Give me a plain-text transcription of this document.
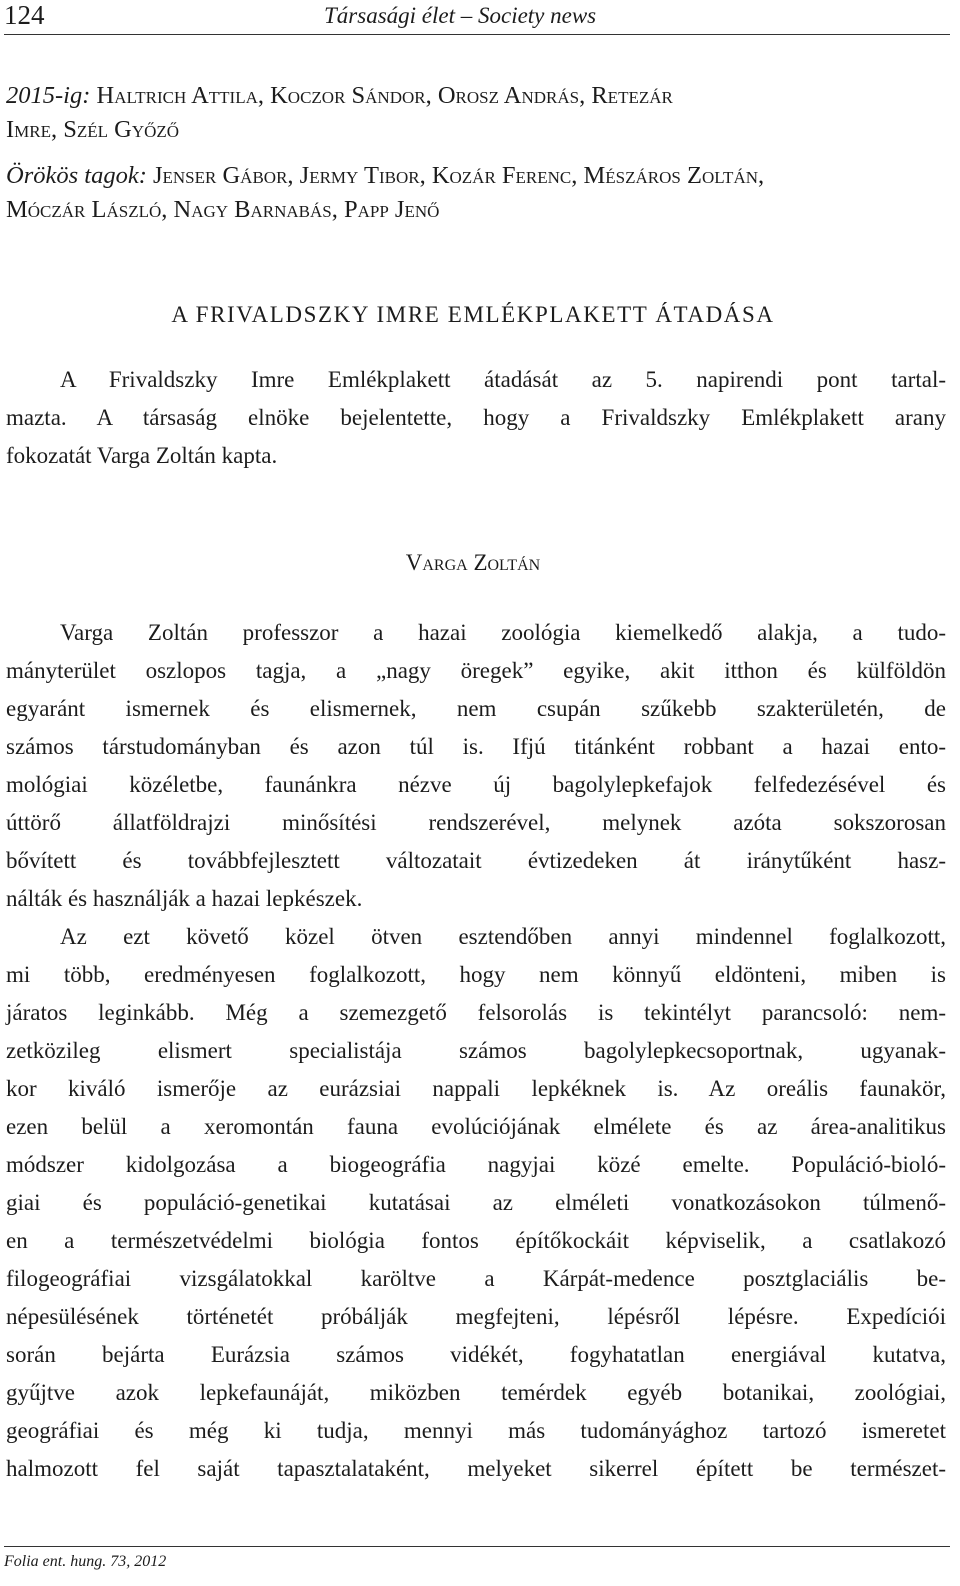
124	Társasági élet – Society news
2015-ig: Haltrich Attila, Koczor Sándor, Orosz András, Retezár
Imre, Szél Győző
Örökös tagok: Jenser Gábor, Jermy Tibor, Kozár Ferenc, Mészáros Zoltán,
Móczár László, Nagy Barnabás, Papp Jenő
A FRIVALDSZKY IMRE EMLÉKPLAKETT ÁTADÁSA
A Frivaldszky Imre Emlékplakett átadását az 5. napirendi pont tartal-
mazta. A társaság elnöke bejelentette, hogy a Frivaldszky Emlékplakett arany
fokozatát Varga Zoltán kapta.
Varga Zoltán
Varga Zoltán professzor a hazai zoológia kiemelkedő alakja, a tudo-
mányterület oszlopos tagja, a „nagy öregek” egyike, akit itthon és külföldön
egyaránt ismernek és elismernek, nem csupán szűkebb szakterületén, de
számos társtudományban és azon túl is. Ifjú titánként robbant a hazai ento-
mológiai közéletbe, faunánkra nézve új bagolylepkefajok felfedezésével és
úttörő állatföldrajzi minősítési rendszerével, melynek azóta sokszorosan
bővített és továbbfejlesztett változatait évtizedeken át iránytűként hasz-
nálták és használják a hazai lepkészek.
Az ezt követő közel ötven esztendőben annyi mindennel foglalkozott,
mi több, eredményesen foglalkozott, hogy nem könnyű eldönteni, miben is
járatos leginkább. Még a szemezgető felsorolás is tekintélyt parancsoló: nem-
zetközileg elismert specialistája számos bagolylepkecsoportnak, ugyanak-
kor kiváló ismerője az eurázsiai nappali lepkéknek is. Az oreális faunakör,
ezen belül a xeromontán fauna evolúciójának elmélete és az área-analitikus
módszer kidolgozása a biogeográfia nagyjai közé emelte. Populáció-bioló-
giai és populáció-genetikai kutatásai az elméleti vonatkozásokon túlmenő-
en a természetvédelmi biológia fontos építőkockáit képviselik, a csatlakozó
filogeográfiai vizsgálatokkal karöltve a Kárpát-medence posztglaciális be-
népesülésének történetét próbálják megfejteni, lépésről lépésre. Expedíciói
során bejárta Eurázsia számos vidékét, fogyhatatlan energiával kutatva,
gyűjtve azok lepkefaunáját, miközben temérdek egyéb botanikai, zoológiai,
geográfiai és még ki tudja, mennyi más tudományághoz tartozó ismeretet
halmozott fel saját tapasztalataként, melyeket sikerrel épített be természet-
Folia ent. hung. 73, 2012
